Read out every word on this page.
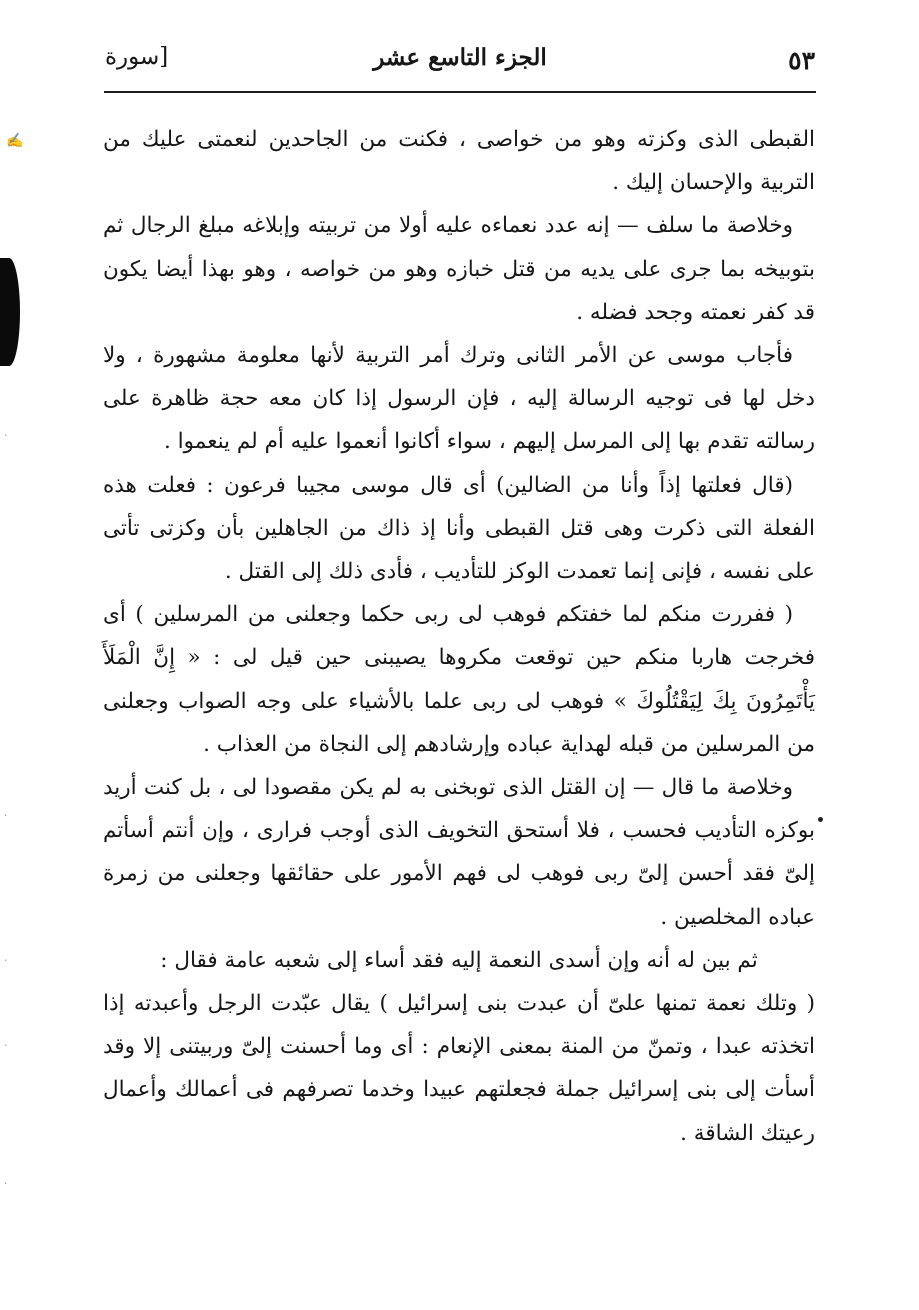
✍
·
·
·
·
·
٥٣
الجزء التاسع عشر
[سورة

القبطى الذى وكزته وهو من خواصى ، فكنت من الجاحدين لنعمتى عليك من التربية والإحسان إليك .

وخلاصة ما سلف — إنه عدد نعماءه عليه أولا من تربيته وإبلاغه مبلغ الرجال ثم بتوبيخه بما جرى على يديه من قتل خبازه وهو من خواصه ، وهو بهذا أيضا يكون قد كفر نعمته وجحد فضله .

فأجاب موسى عن الأمر الثانى وترك أمر التربية لأنها معلومة مشهورة ، ولا دخل لها فى توجيه الرسالة إليه ، فإن الرسول إذا كان معه حجة ظاهرة على رسالته تقدم بها إلى المرسل إليهم ، سواء أكانوا أنعموا عليه أم لم ينعموا .

(قال فعلتها إذاً وأنا من الضالين) أى قال موسى مجيبا فرعون : فعلت هذه الفعلة التى ذكرت وهى قتل القبطى وأنا إذ ذاك من الجاهلين بأن وكزتى تأتى على نفسه ، فإنى إنما تعمدت الوكز للتأديب ، فأدى ذلك إلى القتل .

( ففررت منكم لما خفتكم فوهب لى ربى حكما وجعلنى من المرسلين ) أى فخرجت هاربا منكم حين توقعت مكروها يصيبنى حين قيل لى : « إِنَّ الْمَلَأَ يَأْتَمِرُونَ بِكَ لِيَقْتُلُوكَ » فوهب لى ربى علما بالأشياء على وجه الصواب وجعلنى من المرسلين من قبله لهداية عباده وإرشادهم إلى النجاة من العذاب .

وخلاصة ما قال — إن القتل الذى توبخنى به لم يكن مقصودا لى ، بل كنت أريد بوكزه التأديب فحسب ، فلا أستحق التخويف الذى أوجب فرارى ، وإن أنتم أسأتم إلىّ فقد أحسن إلىّ ربى فوهب لى فهم الأمور على حقائقها وجعلنى من زمرة عباده المخلصين .

ثم بين له أنه وإن أسدى النعمة إليه فقد أساء إلى شعبه عامة فقال :

( وتلك نعمة تمنها علىّ أن عبدت بنى إسرائيل ) يقال عبّدت الرجل وأعبدته إذا اتخذته عبدا ، وتمنّ من المنة بمعنى الإنعام : أى وما أحسنت إلىّ وربيتنى إلا وقد أسأت إلى بنى إسرائيل جملة فجعلتهم عبيدا وخدما تصرفهم فى أعمالك وأعمال رعيتك الشاقة .
